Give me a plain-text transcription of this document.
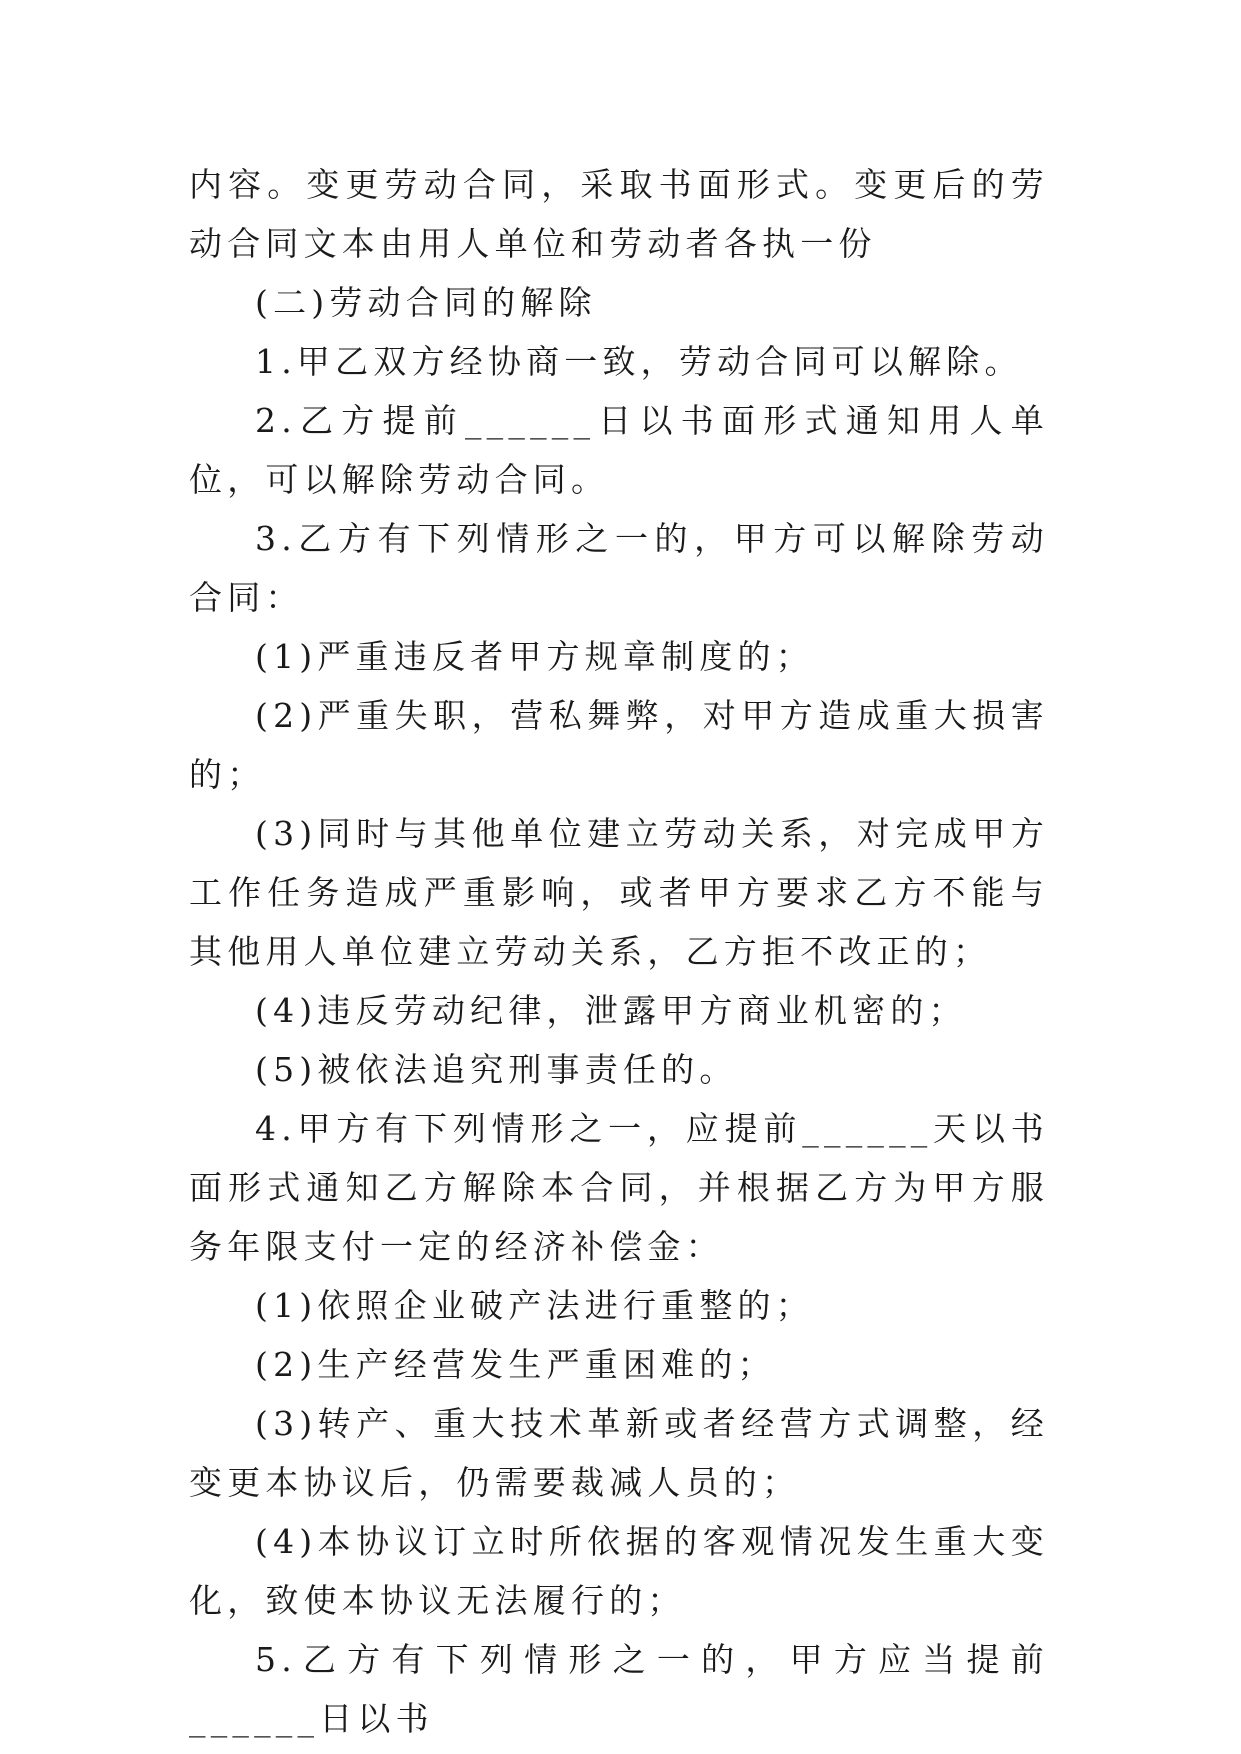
内容。变更劳动合同，采取书面形式。变更后的劳动合同文本由用人单位和劳动者各执一份

(二)劳动合同的解除

1.甲乙双方经协商一致，劳动合同可以解除。

2.乙方提前______日以书面形式通知用人单位，可以解除劳动合同。

3.乙方有下列情形之一的，甲方可以解除劳动合同：

(1)严重违反者甲方规章制度的；

(2)严重失职，营私舞弊，对甲方造成重大损害的；

(3)同时与其他单位建立劳动关系，对完成甲方工作任务造成严重影响，或者甲方要求乙方不能与其他用人单位建立劳动关系，乙方拒不改正的；

(4)违反劳动纪律，泄露甲方商业机密的；

(5)被依法追究刑事责任的。

4.甲方有下列情形之一，应提前______天以书面形式通知乙方解除本合同，并根据乙方为甲方服务年限支付一定的经济补偿金：

(1)依照企业破产法进行重整的；

(2)生产经营发生严重困难的；

(3)转产、重大技术革新或者经营方式调整，经变更本协议后，仍需要裁减人员的；

(4)本协议订立时所依据的客观情况发生重大变化，致使本协议无法履行的；

5.乙方有下列情形之一的，甲方应当提前______日以书
